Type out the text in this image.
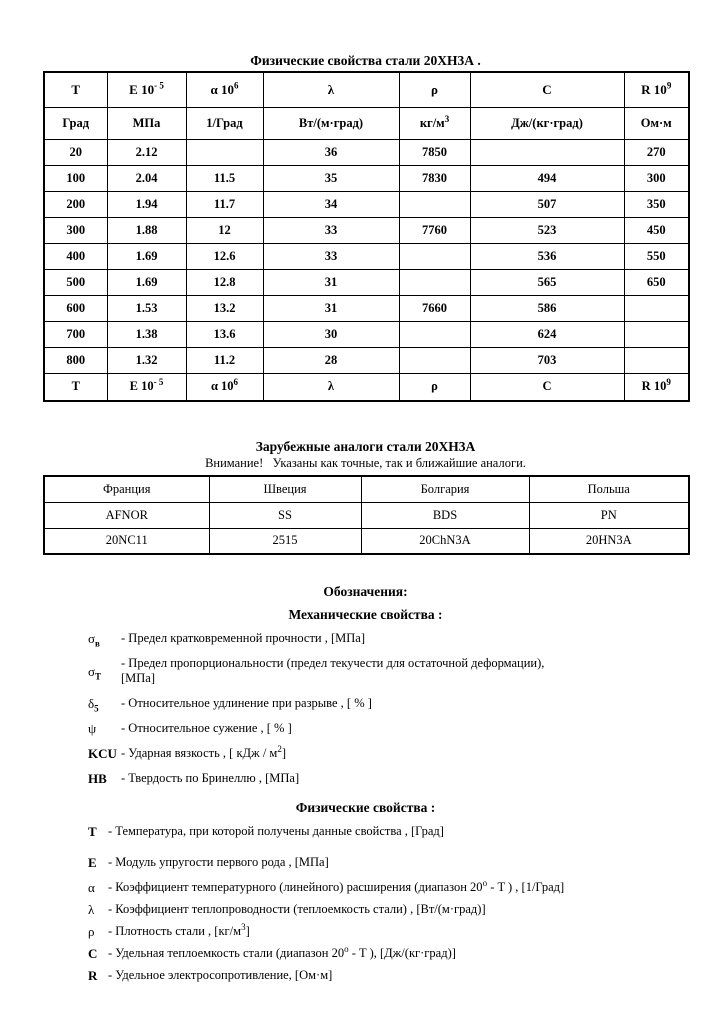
Физические свойства стали 20ХН3А .
T	E $10^{- 5}$	α $10^6$	λ	ρ	C	R $10^9$
Град	МПа	1/Град	Вт/(м·град)	$кг/м^3$	Дж/(кг·град)	Ом·м
20	2.12		36	7850		270
100	2.04	11.5	35	7830	494	300
200	1.94	11.7	34		507	350
300	1.88	12	33	7760	523	450
400	1.69	12.6	33		536	550
500	1.69	12.8	31		565	650
600	1.53	13.2	31	7660	586	
700	1.38	13.6	30		624	
800	1.32	11.2	28		703	
T	E $10^{- 5}$	α $10^6$	λ	ρ	C	R $10^9$
Зарубежные аналоги стали 20ХН3А
Внимание!   Указаны как точные, так и ближайшие аналоги.
Франция	Швеция	Болгария	Польша
AFNOR	SS	BDS	PN
20NC11	2515	20ChN3A	20HN3A
Обозначения:
Механические свойства :
$\sigma_в$	- Предел кратковременной прочности , [МПа]
$\sigma_Т$
- Предел пропорциональности (предел текучести для остаточной деформации),
[МПа]
$\delta_5$	- Относительное удлинение при разрыве , [ % ]
ψ	- Относительное сужение , [ % ]
KCU - Ударная вязкость , [ кДж / $м^2$]
HB	- Твердость по Бринеллю , [МПа]
Физические свойства :
T - Температура, при которой получены данные свойства , [Град]
E - Модуль упругости первого рода , [МПа]
α	- Коэффициент температурного (линейного) расширения (диапазон $20^о$ - T ) , [1/Град]
λ	- Коэффициент теплопроводности (теплоемкость стали) , [Вт/(м·град)]
ρ	- Плотность стали , $[кг/м^3]$
C - Удельная теплоемкость стали (диапазон $20^о$ - T ), [Дж/(кг·град)]
R - Удельное электросопротивление, [Ом·м]
